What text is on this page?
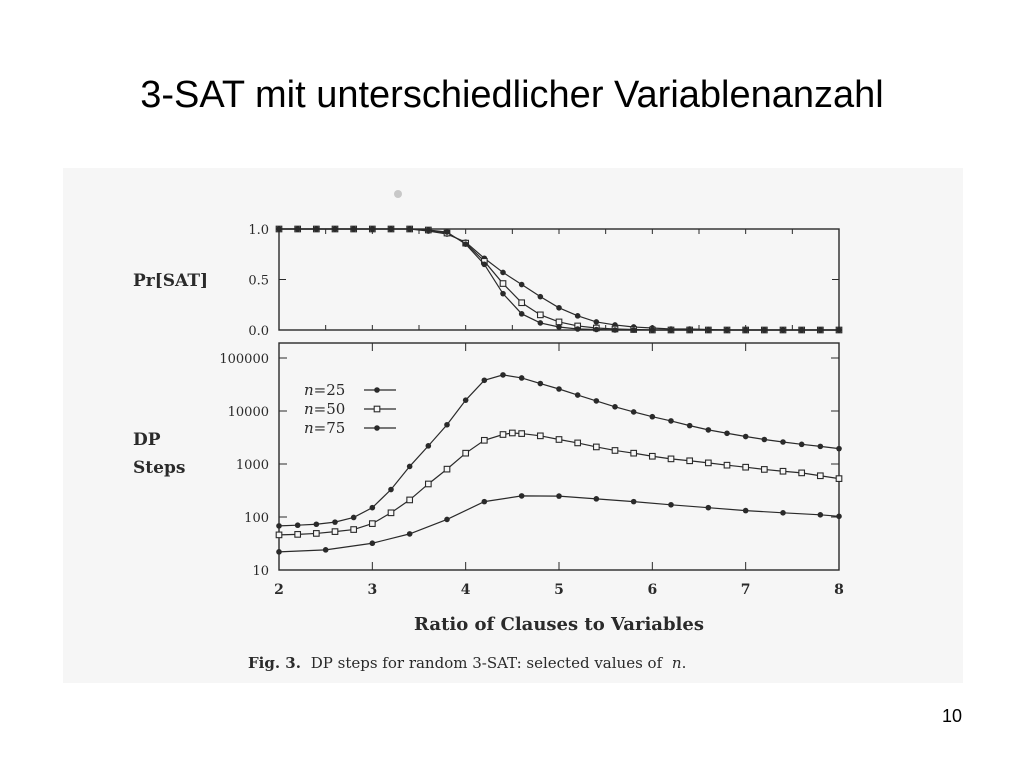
3-SAT mit unterschiedlicher Variablenanzahl
0.0
0.5
1.0
10
100
1000
10000
100000
2	3	4	5	6	7	8
Pr[SAT]
DP
Steps
Ratio of Clauses to Variables
Fig. 3. DP steps for random 3-SAT: selected values of n.
n=25
n=50
n=75
10
